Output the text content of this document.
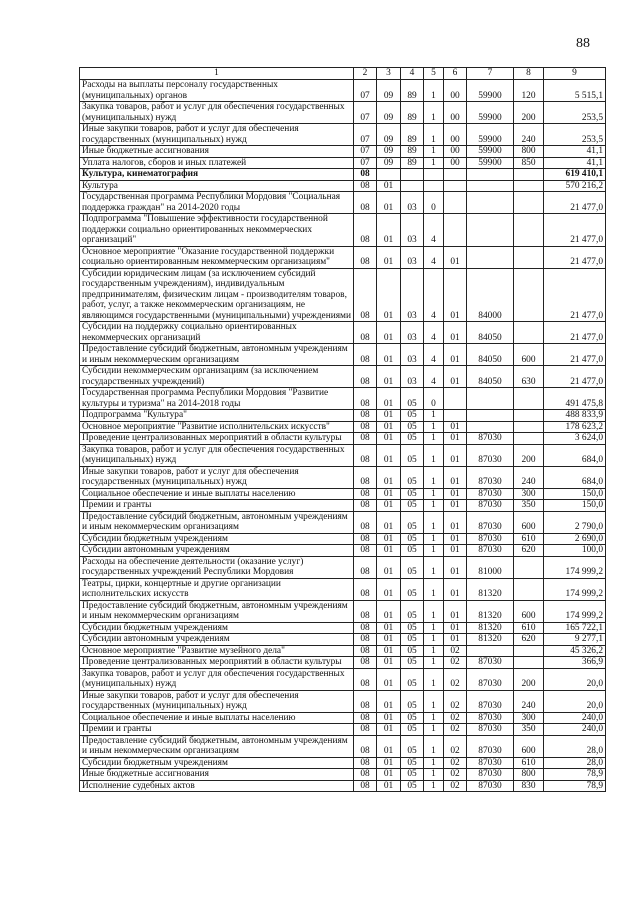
88
1	2	3	4	5	6	7	8	9
Расходы на выплаты персоналу государственных (муниципальных) органов	07	09	89	1	00	59900	120	5 515,1
Закупка товаров, работ и услуг для обеспечения государственных (муниципальных) нужд	07	09	89	1	00	59900	200	253,5
Иные закупки товаров, работ и услуг для обеспечения государственных (муниципальных) нужд	07	09	89	1	00	59900	240	253,5
Иные бюджетные ассигнования	07	09	89	1	00	59900	800	41,1
Уплата налогов, сборов и иных платежей	07	09	89	1	00	59900	850	41,1
Культура, кинематография	08							619 410,1
Культура	08	01						570 216,2
Государственная программа Республики Мордовия "Социальная поддержка граждан" на 2014-2020 годы	08	01	03	0				21 477,0
Подпрограмма "Повышение эффективности государственной поддержки социально ориентированных некоммерческих организаций"	08	01	03	4				21 477,0
Основное мероприятие "Оказание государственной поддержки социально ориентированным некоммерческим организациям"	08	01	03	4	01			21 477,0
Субсидии юридическим лицам (за исключением субсидий государственным учреждениям), индивидуальным предпринимателям, физическим лицам - производителям товаров, работ, услуг, а также некоммерческим организациям, не являющимся государственными (муниципальными) учреждениями	08	01	03	4	01	84000		21 477,0
Субсидии на поддержку социально ориентированных некоммерческих организаций	08	01	03	4	01	84050		21 477,0
Предоставление субсидий бюджетным, автономным учреждениям и иным некоммерческим организациям	08	01	03	4	01	84050	600	21 477,0
Субсидии некоммерческим организациям (за исключением государственных учреждений)	08	01	03	4	01	84050	630	21 477,0
Государственная программа Республики Мордовия "Развитие культуры и туризма" на 2014-2018 годы	08	01	05	0				491 475,8
Подпрограмма "Культура"	08	01	05	1				488 833,9
Основное мероприятие "Развитие исполнительских искусств"	08	01	05	1	01			178 623,2
Проведение централизованных мероприятий в области культуры	08	01	05	1	01	87030		3 624,0
Закупка товаров, работ и услуг для обеспечения государственных (муниципальных) нужд	08	01	05	1	01	87030	200	684,0
Иные закупки товаров, работ и услуг для обеспечения государственных (муниципальных) нужд	08	01	05	1	01	87030	240	684,0
Социальное обеспечение и иные выплаты населению	08	01	05	1	01	87030	300	150,0
Премии и гранты	08	01	05	1	01	87030	350	150,0
Предоставление субсидий бюджетным, автономным учреждениям и иным некоммерческим организациям	08	01	05	1	01	87030	600	2 790,0
Субсидии бюджетным учреждениям	08	01	05	1	01	87030	610	2 690,0
Субсидии автономным учреждениям	08	01	05	1	01	87030	620	100,0
Расходы на обеспечение деятельности (оказание услуг) государственных учреждений Республики Мордовия	08	01	05	1	01	81000		174 999,2
Театры, цирки, концертные и другие организации исполнительских искусств	08	01	05	1	01	81320		174 999,2
Предоставление субсидий бюджетным, автономным учреждениям и иным некоммерческим организациям	08	01	05	1	01	81320	600	174 999,2
Субсидии бюджетным учреждениям	08	01	05	1	01	81320	610	165 722,1
Субсидии автономным учреждениям	08	01	05	1	01	81320	620	9 277,1
Основное мероприятие "Развитие музейного дела"	08	01	05	1	02			45 326,2
Проведение централизованных мероприятий в области культуры	08	01	05	1	02	87030		366,9
Закупка товаров, работ и услуг для обеспечения государственных (муниципальных) нужд	08	01	05	1	02	87030	200	20,0
Иные закупки товаров, работ и услуг для обеспечения государственных (муниципальных) нужд	08	01	05	1	02	87030	240	20,0
Социальное обеспечение и иные выплаты населению	08	01	05	1	02	87030	300	240,0
Премии и гранты	08	01	05	1	02	87030	350	240,0
Предоставление субсидий бюджетным, автономным учреждениям и иным некоммерческим организациям	08	01	05	1	02	87030	600	28,0
Субсидии бюджетным учреждениям	08	01	05	1	02	87030	610	28,0
Иные бюджетные ассигнования	08	01	05	1	02	87030	800	78,9
Исполнение судебных актов	08	01	05	1	02	87030	830	78,9
